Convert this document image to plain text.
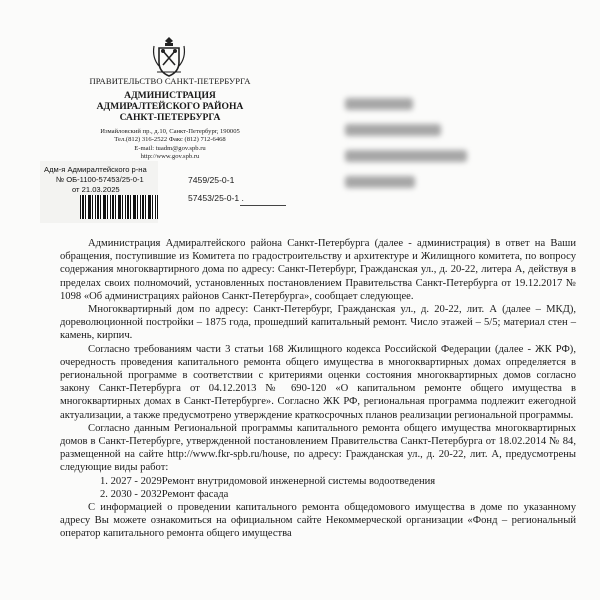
ПРАВИТЕЛЬСТВО САНКТ-ПЕТЕРБУРГА
АДМИНИСТРАЦИЯ
АДМИРАЛТЕЙСКОГО РАЙОНА
САНКТ-ПЕТЕРБУРГА
Измайловский пр., д.10, Санкт-Петербург, 190005
Тел.(812) 316-2522 Факс (812) 712-6468
E-mail: tuadm@gov.spb.ru
http://www.gov.spb.ru
Адм-я Адмиралтейского р-на
№ ОБ-1100-57453/25-0-1
от 21.03.2025
7459/25-0-1
57453/25-0-1 .

Администрация Адмиралтейского района Санкт-Петербурга (далее - администрация) в ответ на Ваши обращения, поступившие из Комитета по градостроительству и архитектуре и Жилищного комитета, по вопросу содержания многоквартирного дома по адресу: Санкт-Петербург, Гражданская ул., д. 20-22, литера А, действуя в пределах своих полномочий, установленных постановлением Правительства Санкт-Петербурга от 19.12.2017 № 1098 «Об администрациях районов Санкт-Петербурга», сообщает следующее.

Многоквартирный дом по адресу: Санкт-Петербург, Гражданская ул., д. 20-22, лит. А (далее – МКД), дореволюционной постройки – 1875 года, прошедший капитальный ремонт. Число этажей – 5/5; материал стен – камень, кирпич.

Согласно требованиям части 3 статьи 168 Жилищного кодекса Российской Федерации (далее - ЖК РФ), очередность проведения капитального ремонта общего имущества в многоквартирных домах определяется в региональной программе в соответствии с критериями оценки состояния многоквартирных домов согласно закону Санкт-Петербурга от 04.12.2013 № 690-120 «О капитальном ремонте общего имущества в многоквартирных домах в Санкт-Петербурге». Согласно ЖК РФ, региональная программа подлежит ежегодной актуализации, а также предусмотрено утверждение краткосрочных планов реализации региональной программы.

Согласно данным Региональной программы капитального ремонта общего имущества многоквартирных домов в Санкт-Петербурге, утвержденной постановлением Правительства Санкт-Петербурга от 18.02.2014 № 84, размещенной на сайте http://www.fkr-spb.ru/house, по адресу: Гражданская ул., д. 20-22, лит. А, предусмотрены следующие виды работ:

1. 2027 - 2029Ремонт внутридомовой инженерной системы водоотведения

2. 2030 - 2032Ремонт фасада

С информацией о проведении капитального ремонта общедомового имущества в доме по указанному адресу Вы можете ознакомиться на официальном сайте Некоммерческой организации «Фонд – региональный оператор капитального ремонта общего имущества
